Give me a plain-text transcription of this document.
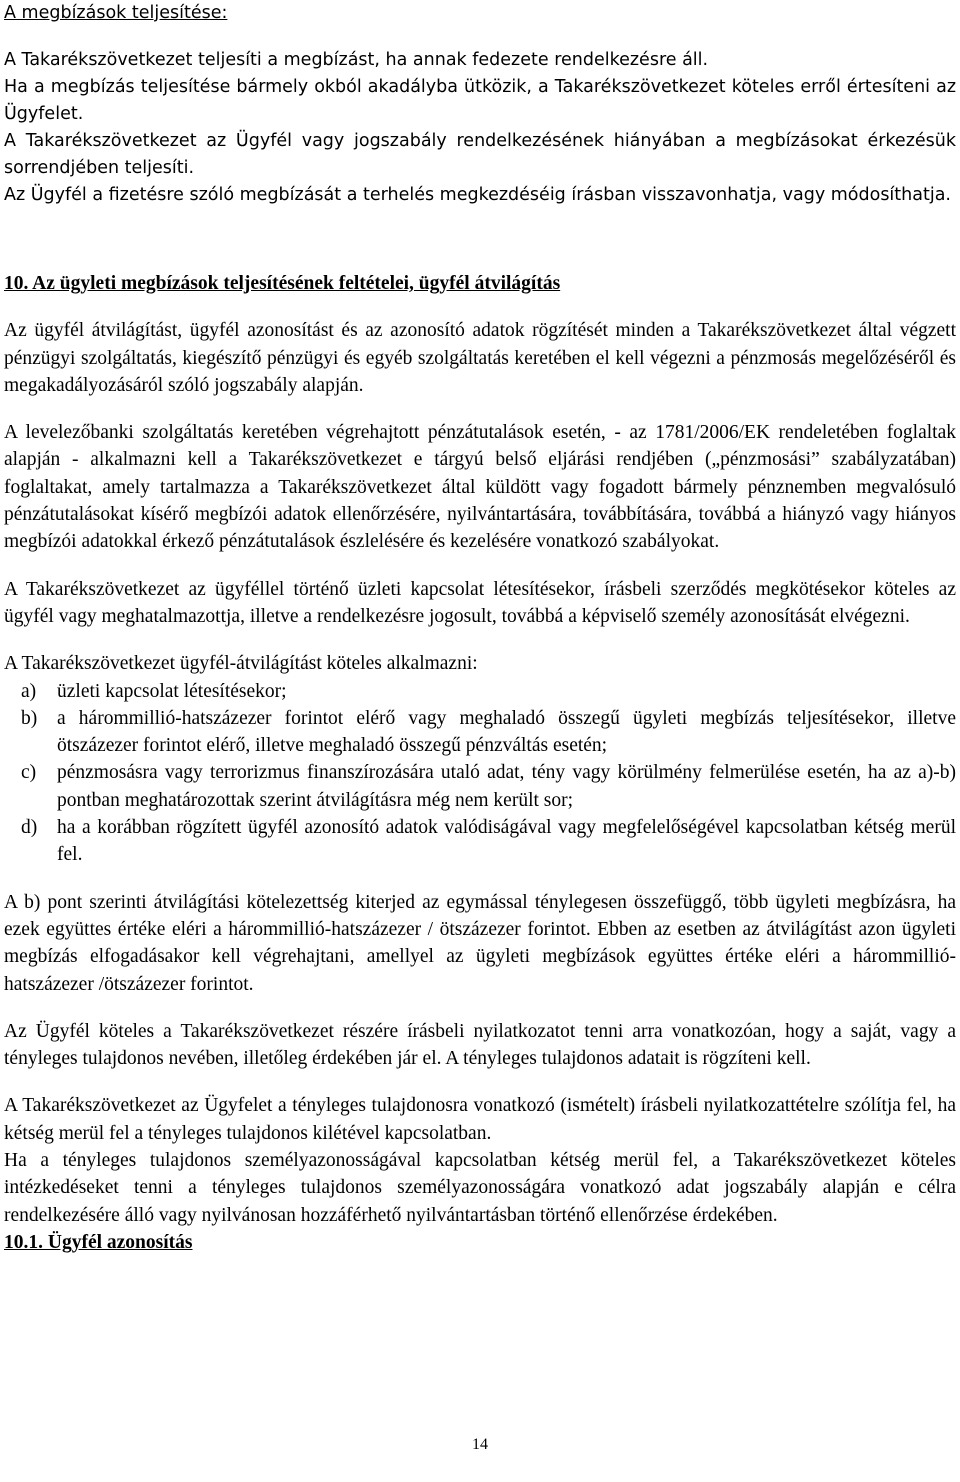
A megbízások teljesítése:

A Takarékszövetkezet teljesíti a megbízást, ha annak fedezete rendelkezésre áll.

Ha a megbízás teljesítése bármely okból akadályba ütközik, a Takarékszövetkezet köteles erről értesíteni az Ügyfelet.

A Takarékszövetkezet az Ügyfél vagy jogszabály rendelkezésének hiányában a megbízásokat érkezésük sorrendjében teljesíti.

Az Ügyfél a fizetésre szóló megbízását a terhelés megkezdéséig írásban visszavonhatja, vagy módosíthatja.

10. Az ügyleti megbízások teljesítésének feltételei, ügyfél átvilágítás

Az ügyfél átvilágítást, ügyfél azonosítást és az azonosító adatok rögzítését minden a Takarékszövetkezet által végzett pénzügyi szolgáltatás, kiegészítő pénzügyi és egyéb szolgáltatás keretében el kell végezni a pénzmosás megelőzéséről és megakadályozásáról szóló jogszabály alapján.

A levelezőbanki szolgáltatás keretében végrehajtott pénzátutalások esetén, - az 1781/2006/EK rendeletében foglaltak alapján - alkalmazni kell a Takarékszövetkezet e tárgyú belső eljárási rendjében („pénzmosási” szabályzatában) foglaltakat, amely tartalmazza a Takarékszövetkezet által küldött vagy fogadott bármely pénznemben megvalósuló pénzátutalásokat kísérő megbízói adatok ellenőrzésére, nyilvántartására, továbbítására, továbbá a hiányzó vagy hiányos megbízói adatokkal érkező pénzátutalások észlelésére és kezelésére vonatkozó szabályokat.

A Takarékszövetkezet az ügyféllel történő üzleti kapcsolat létesítésekor, írásbeli szerződés megkötésekor köteles az ügyfél vagy meghatalmazottja, illetve a rendelkezésre jogosult, továbbá a képviselő személy azonosítását elvégezni.

A Takarékszövetkezet ügyfél-átvilágítást köteles alkalmazni:

a) üzleti kapcsolat létesítésekor;
b) a hárommillió-hatszázezer forintot elérő vagy meghaladó összegű ügyleti megbízás teljesítésekor, illetve ötszázezer forintot elérő, illetve meghaladó összegű pénzváltás esetén;
c) pénzmosásra vagy terrorizmus finanszírozására utaló adat, tény vagy körülmény felmerülése esetén, ha az a)-b) pontban meghatározottak szerint átvilágításra még nem került sor;
d) ha a korábban rögzített ügyfél azonosító adatok valódiságával vagy megfelelőségével kapcsolatban kétség merül fel.

A b) pont szerinti átvilágítási kötelezettség kiterjed az egymással ténylegesen összefüggő, több ügyleti megbízásra, ha ezek együttes értéke eléri a hárommillió-hatszázezer / ötszázezer forintot. Ebben az esetben az átvilágítást azon ügyleti megbízás elfogadásakor kell végrehajtani, amellyel az ügyleti megbízások együttes értéke eléri a hárommillió-hatszázezer /ötszázezer forintot.

Az Ügyfél köteles a Takarékszövetkezet részére írásbeli nyilatkozatot tenni arra vonatkozóan, hogy a saját, vagy a tényleges tulajdonos nevében, illetőleg érdekében jár el. A tényleges tulajdonos adatait is rögzíteni kell.

A Takarékszövetkezet az Ügyfelet a tényleges tulajdonosra vonatkozó (ismételt) írásbeli nyilatkozattételre szólítja fel, ha kétség merül fel a tényleges tulajdonos kilétével kapcsolatban.

Ha a tényleges tulajdonos személyazonosságával kapcsolatban kétség merül fel, a Takarékszövetkezet köteles intézkedéseket tenni a tényleges tulajdonos személyazonosságára vonatkozó adat jogszabály alapján e célra rendelkezésére álló vagy nyilvánosan hozzáférhető nyilvántartásban történő ellenőrzése érdekében.

10.1. Ügyfél azonosítás

14
